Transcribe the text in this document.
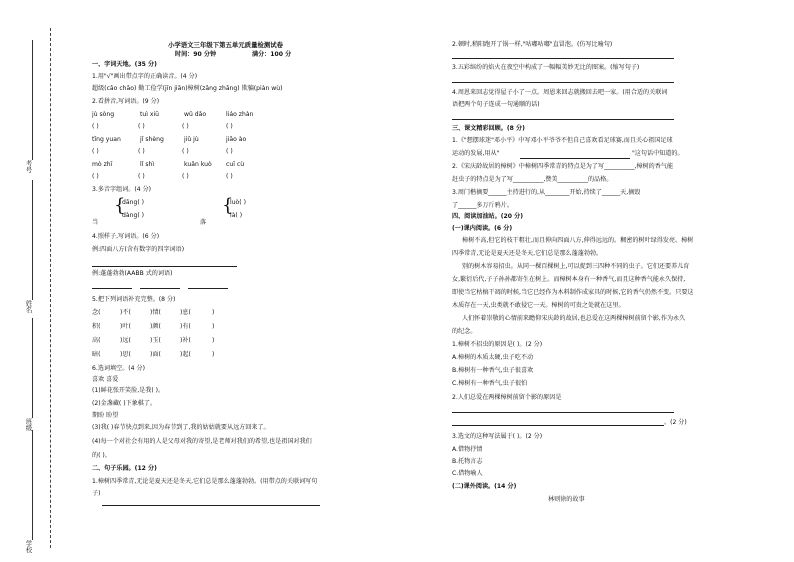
考号
姓名
班级
学校
小学语文三年级下第五单元质量检测试卷
时间：90 分钟	满分：100 分
一、字词天地。(35 分)
1.用"√"画出带点字的正确读音。(4 分)
超级(cāo chāo) 勤工俭学(jīn jiān)樟树(zāng zhāng) 欺骗(piàn wù)
2.看拼音,写词语。(9 分)
jù sòng	tuì xiū	wǔ dǎo	liáo zhàn
( )	( )	( )	( )
tīng yuan	jǐ shèng	jiǔ jù	jiāo ào
( )	( )	( )	( )
mò zhī	lǐ shì	kuǎn kuò cuī cù
( )	( )	( )	( )
3.多音字组词。(4 分)
{
dāng( )
dàng( )
当
{
luò( )
là( )
落
4.照样子,写词语。(6 分)
例:四面八方(含有数字的四字词语)
例:蓬蓬勃勃(AABB 式的词语)
5.把下列词语补充完整。(8 分)
念(	)不(	)情(	)息(	)
积(	)叶(	)颜(	)有(	)
高(	)远(	)玉(	)补(	)
暗(	)思(	)面(	)起(	)
6.选词填空。(4 分)
喜欢 喜爱
(1)鲜花张开笑脸,是我( )。
(2)金盏藏( )下象棋了。
期盼 盼望
(3)我( )春节快点到来,因为春节到了,我的姑姑就要从远方回来了。
(4)每一个对社会有用的人是父母对我的寄望,是老师对我们的希望,也是祖国对我们
的( )。
二、句子乐园。(12 分)
1.樟树四季常青,无论是夏天还是冬天,它们总是那么蓬蓬勃勃。(用带点的关联词写句
子)
2.顿时,稍阳跑开了锅一样,"咕嘟咕嘟"直冒泡。(仿写比喻句)
3.五彩缤纷的焰火在夜空中构成了一幅幅美妙无比的图案。(缩写句子)
4.周恩来回志觉得屋子小了一点。周恩来回志就搬回去吧一家。(用合适的关联词
语把两个句子连成一句通顺的话)
三、课文精彩回顾。(8 分)
1.《"想摆球迷"邓小平》中写邓小平爷爷不但自己喜欢看足球赛,而且关心祖国足球
运动的发展,用从"	"这句话中知道的。
2.《宋庆龄故居的樟树》中樟树四季常青的特点是为了写__________,樟树的香气能
赶虫子的特点是为了写__________,赞美__________的品格。
3.周门楷摘要______主持进行的,从________开始,持续了______天,摘毁
了______多万斤鸦片。
四、阅读加油站。(20 分)
(一)课内阅读。(6 分)
樟树不高,但它的枝干粗壮,而且伸向四面八方,伸得远远的。稠密的树叶绿得发亮。樟树
四季常青,无论是夏天还是冬天,它们总是那么蓬蓬勃勃。
别的树木容易招虫。从同一棵百棵树上,可以捉到三四种不同的虫子。它们还要养儿育
女,繁衍后代,子子孙孙都寄生在树上。而樟树本身有一种香气,而且这种香气能永久保持,
即使当它枯槁干凋的时候,当它已经作为木料制作成家具的时候,它的香气仍然不变。只要这
木质存在一天,虫类就不敢侵它一天。樟树的可贵之处就在这里。
人们怀着崇敬的心情前来瞻仰宋庆龄的故居,也总爱在这两棵樟树前留个影,作为永久
的纪念。
1.樟树不招虫的原因是( )。(2 分)
A.樟树的木质太硬,虫子吃不动
B.樟树有一种香气,虫子很喜欢
C.樟树有一种香气,虫子很怕
2.人们总爱在两棵樟树前留个影的原因是
。(2 分)
3.选文的这种写法属于( )。(2 分)
A.借物抒情
B.托物言志
C.借物喻人
(二)课外阅读。(14 分)
林则徐的故事
